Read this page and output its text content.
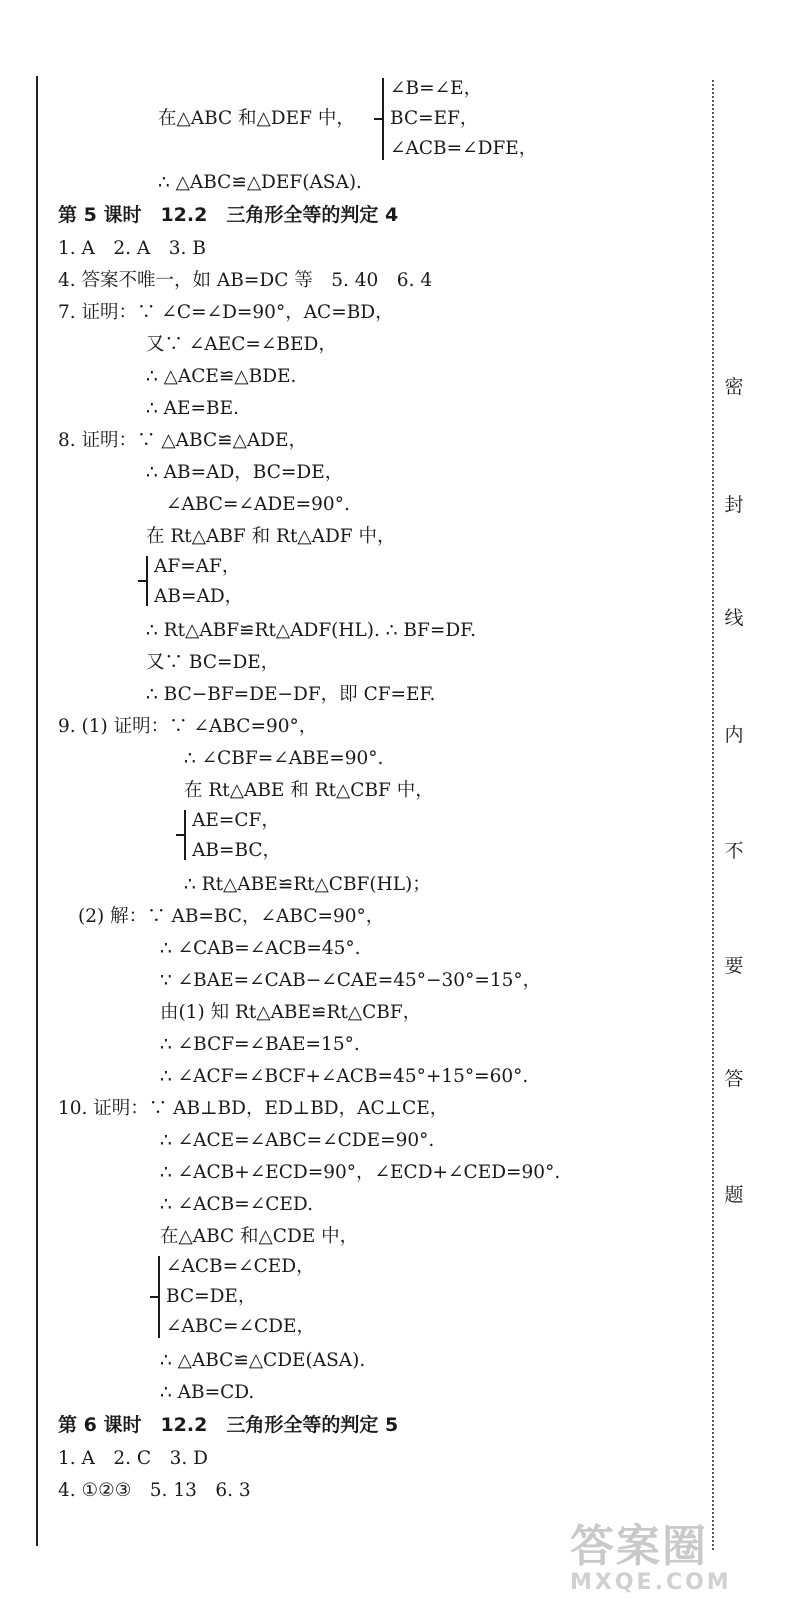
在△ABC 和△DEF 中，
∠B=∠E，
BC=EF，
∠ACB=∠DFE，
∴ △ABC≌△DEF(ASA).
第 5 课时　12.2　三角形全等的判定 4
1. A　2. A　3. B
4. 答案不唯一，如 AB=DC 等　5. 40　6. 4
7. 证明：∵ ∠C=∠D=90°，AC=BD，
又∵ ∠AEC=∠BED，
∴ △ACE≌△BDE.
∴ AE=BE.
8. 证明：∵ △ABC≌△ADE，
∴ AB=AD，BC=DE，
∠ABC=∠ADE=90°.
在 Rt△ABF 和 Rt△ADF 中，
AF=AF，
AB=AD，
∴ Rt△ABF≌Rt△ADF(HL). ∴ BF=DF.
又∵ BC=DE，
∴ BC−BF=DE−DF，即 CF=EF.
9. (1) 证明：∵ ∠ABC=90°，
∴ ∠CBF=∠ABE=90°.
在 Rt△ABE 和 Rt△CBF 中，
AE=CF，
AB=BC，
∴ Rt△ABE≌Rt△CBF(HL)；
(2) 解：∵ AB=BC，∠ABC=90°，
∴ ∠CAB=∠ACB=45°.
∵ ∠BAE=∠CAB−∠CAE=45°−30°=15°，
由(1) 知 Rt△ABE≌Rt△CBF，
∴ ∠BCF=∠BAE=15°.
∴ ∠ACF=∠BCF+∠ACB=45°+15°=60°.
10. 证明：∵ AB⊥BD，ED⊥BD，AC⊥CE，
∴ ∠ACE=∠ABC=∠CDE=90°.
∴ ∠ACB+∠ECD=90°，∠ECD+∠CED=90°.
∴ ∠ACB=∠CED.
在△ABC 和△CDE 中，
∠ACB=∠CED，
BC=DE，
∠ABC=∠CDE，
∴ △ABC≌△CDE(ASA).
∴ AB=CD.
第 6 课时　12.2　三角形全等的判定 5
1. A　2. C　3. D
4. ①②③　5. 13　6. 3
密
封
线
内
不
要
答
题
答案圈
MXQE.COM
